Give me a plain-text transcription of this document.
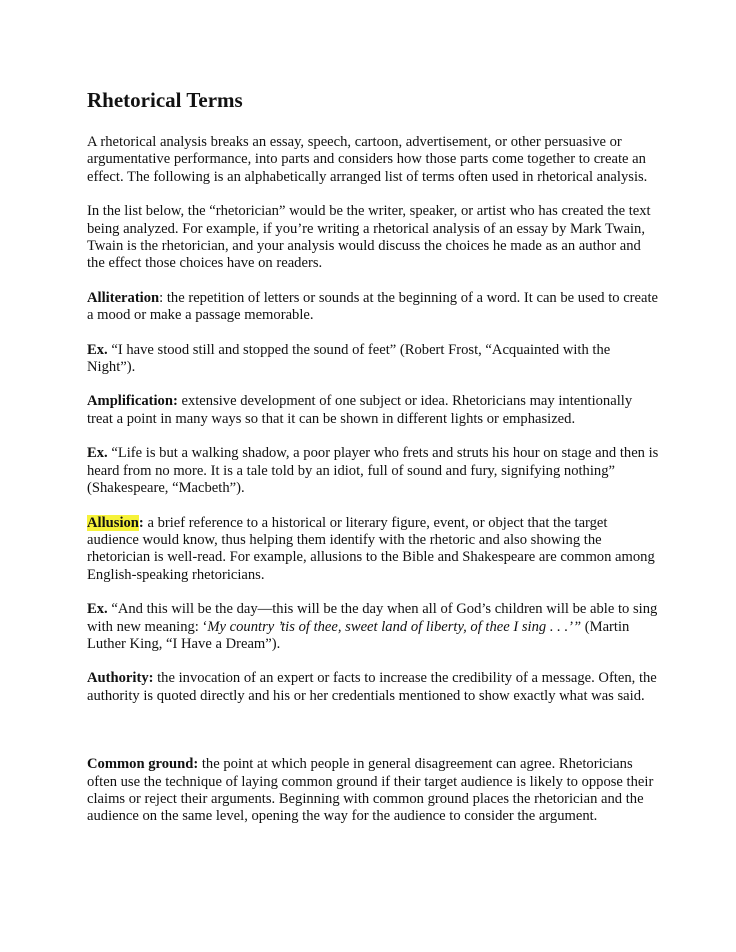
Rhetorical Terms

A rhetorical analysis breaks an essay, speech, cartoon, advertisement, or other persuasive or argumentative performance, into parts and considers how those parts come together to create an effect. The following is an alphabetically arranged list of terms often used in rhetorical analysis.

In the list below, the “rhetorician” would be the writer, speaker, or artist who has created the text being analyzed. For example, if you’re writing a rhetorical analysis of an essay by Mark Twain, Twain is the rhetorician, and your analysis would discuss the choices he made as an author and the effect those choices have on readers.

Alliteration: the repetition of letters or sounds at the beginning of a word. It can be used to create a mood or make a passage memorable.

Ex. “I have stood still and stopped the sound of feet” (Robert Frost, “Acquainted with the Night”).

Amplification: extensive development of one subject or idea. Rhetoricians may intentionally treat a point in many ways so that it can be shown in different lights or emphasized.

Ex. “Life is but a walking shadow, a poor player who frets and struts his hour on stage and then is heard from no more. It is a tale told by an idiot, full of sound and fury, signifying nothing” (Shakespeare, “Macbeth”).

Allusion: a brief reference to a historical or literary figure, event, or object that the target audience would know, thus helping them identify with the rhetoric and also showing the rhetorician is well-read. For example, allusions to the Bible and Shakespeare are common among English-speaking rhetoricians.

Ex. “And this will be the day—this will be the day when all of God’s children will be able to sing with new meaning: ‘My country ’tis of thee, sweet land of liberty, of thee I sing . . .’” (Martin Luther King, “I Have a Dream”).

Authority: the invocation of an expert or facts to increase the credibility of a message. Often, the authority is quoted directly and his or her credentials mentioned to show exactly what was said.

Common ground: the point at which people in general disagreement can agree. Rhetoricians often use the technique of laying common ground if their target audience is likely to oppose their claims or reject their arguments. Beginning with common ground places the rhetorician and the audience on the same level, opening the way for the audience to consider the argument.
